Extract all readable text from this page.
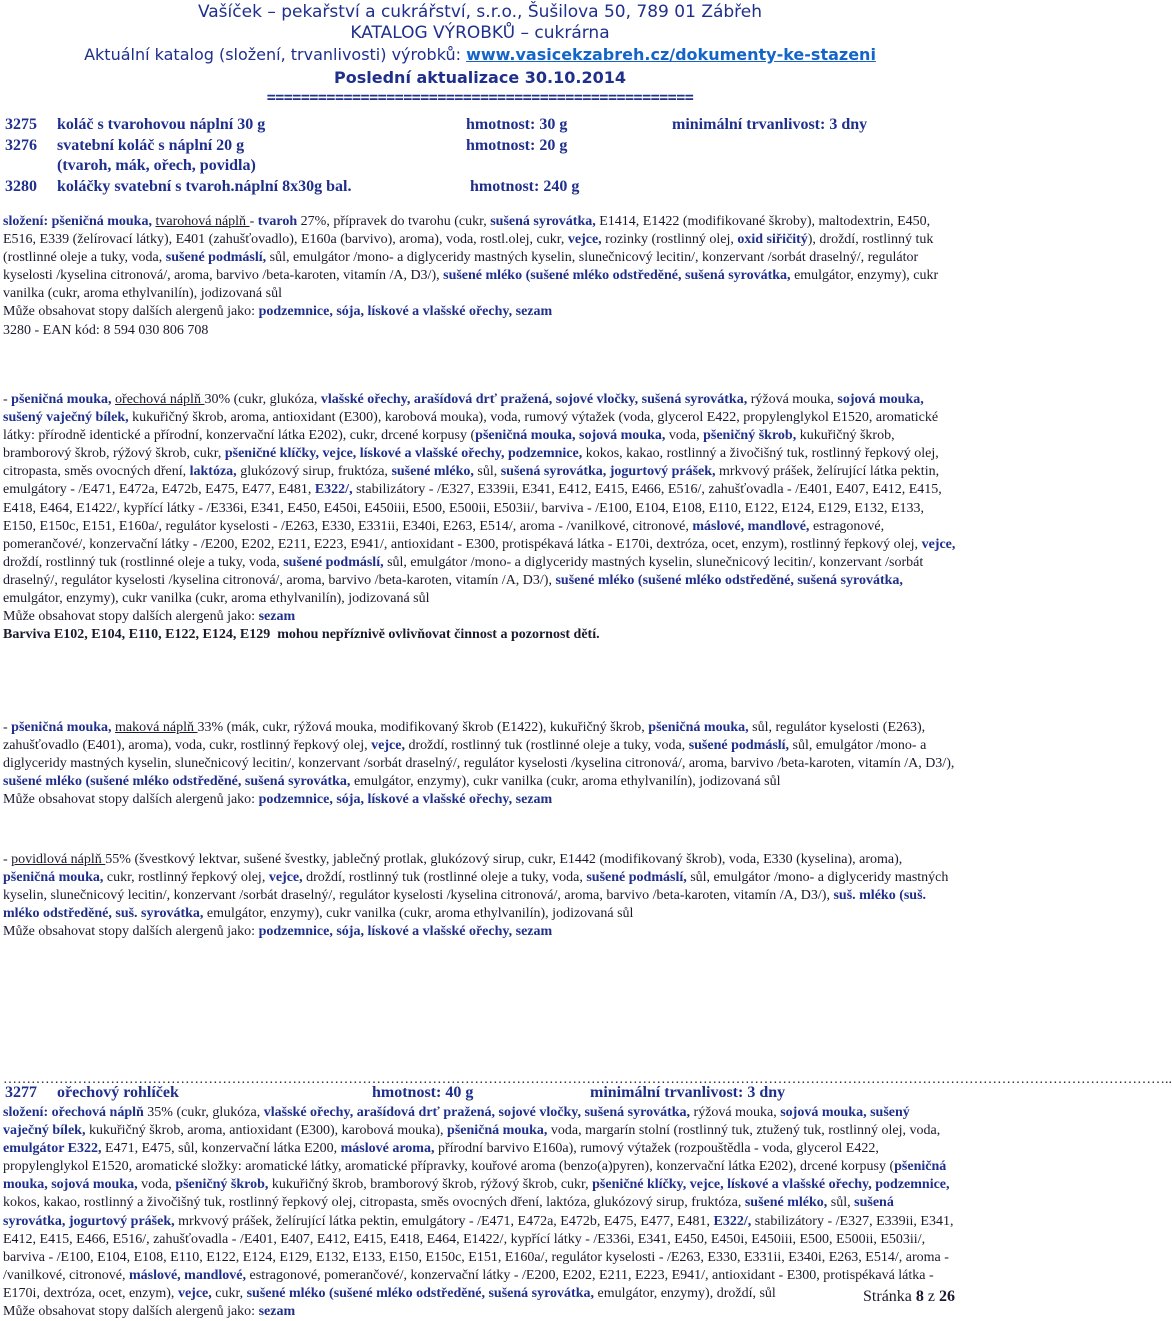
Vašíček – pekařství a cukrářství, s.r.o., Šušilova 50, 789 01 Zábřeh
KATALOG VÝROBKŮ – cukrárna
Aktuální katalog (složení, trvanlivosti) výrobků: www.vasicekzabreh.cz/dokumenty-ke-stazeni
Poslední aktualizace 30.10.2014
==================================================
3275 koláč s tvarohovou náplní 30 g	hmotnost: 30 g	minimální trvanlivost: 3 dny
3276 svatební koláč s náplní 20 g	hmotnost: 20 g
(tvaroh, mák, ořech, povidla)
3280 koláčky svatební s tvaroh.náplní 8x30g bal.	hmotnost: 240 g

složení: pšeničná mouka, tvarohová náplň - tvaroh 27%, přípravek do tvarohu (cukr, sušená syrovátka, E1414, E1422 (modifikované škroby), maltodextrin, E450, E516, E339 (želírovací látky), E401 (zahušťovadlo), E160a (barvivo), aroma), voda, rostl.olej, cukr, vejce, rozinky (rostlinný olej, oxid siřičitý), droždí, rostlinný tuk (rostlinné oleje a tuky, voda, sušené podmáslí, sůl, emulgátor /mono- a diglyceridy mastných kyselin, slunečnicový lecitin/, konzervant /sorbát draselný/, regulátor kyselosti /kyselina citronová/, aroma, barvivo /beta-karoten, vitamín /A, D3/), sušené mléko (sušené mléko odstředěné, sušená syrovátka, emulgátor, enzymy), cukr vanilka (cukr, aroma ethylvanilín), jodizovaná sůl
Může obsahovat stopy dalších alergenů jako: podzemnice, sója, lískové a vlašské ořechy, sezam
3280 - EAN kód: 8 594 030 806 708

- pšeničná mouka, ořechová náplň 30% (cukr, glukóza, vlašské ořechy, arašídová drť pražená, sojové vločky, sušená syrovátka, rýžová mouka, sojová mouka, sušený vaječný bílek, kukuřičný škrob, aroma, antioxidant (E300), karobová mouka), voda, rumový výtažek (voda, glycerol E422, propylenglykol E1520, aromatické látky: přírodně identické a přírodní, konzervační látka E202), cukr, drcené korpusy (pšeničná mouka, sojová mouka, voda, pšeničný škrob, kukuřičný škrob, bramborový škrob, rýžový škrob, cukr, pšeničné klíčky, vejce, lískové a vlašské ořechy, podzemnice, kokos, kakao, rostlinný a živočišný tuk, rostlinný řepkový olej, citropasta, směs ovocných dření, laktóza, glukózový sirup, fruktóza, sušené mléko, sůl, sušená syrovátka, jogurtový prášek, mrkvový prášek, želírující látka pektin, emulgátory - /E471, E472a, E472b, E475, E477, E481, E322/, stabilizátory - /E327, E339ii, E341, E412, E415, E466, E516/, zahušťovadla - /E401, E407, E412, E415, E418, E464, E1422/, kypřící látky - /E336i, E341, E450, E450i, E450iii, E500, E500ii, E503ii/, barviva - /E100, E104, E108, E110, E122, E124, E129, E132, E133, E150, E150c, E151, E160a/, regulátor kyselosti - /E263, E330, E331ii, E340i, E263, E514/, aroma - /vanilkové, citronové, máslové, mandlové, estragonové, pomerančové/, konzervační látky - /E200, E202, E211, E223, E941/, antioxidant - E300, protispékavá látka - E170i, dextróza, ocet, enzym), rostlinný řepkový olej, vejce, droždí, rostlinný tuk (rostlinné oleje a tuky, voda, sušené podmáslí, sůl, emulgátor /mono- a diglyceridy mastných kyselin, slunečnicový lecitin/, konzervant /sorbát draselný/, regulátor kyselosti /kyselina citronová/, aroma, barvivo /beta-karoten, vitamín /A, D3/), sušené mléko (sušené mléko odstředěné, sušená syrovátka, emulgátor, enzymy), cukr vanilka (cukr, aroma ethylvanilín), jodizovaná sůl
Může obsahovat stopy dalších alergenů jako: sezam
Barviva E102, E104, E110, E122, E124, E129  mohou nepříznivě ovlivňovat činnost a pozornost dětí.

- pšeničná mouka, maková náplň 33% (mák, cukr, rýžová mouka, modifikovaný škrob (E1422), kukuřičný škrob, pšeničná mouka, sůl, regulátor kyselosti (E263), zahušťovadlo (E401), aroma), voda, cukr, rostlinný řepkový olej, vejce, droždí, rostlinný tuk (rostlinné oleje a tuky, voda, sušené podmáslí, sůl, emulgátor /mono- a diglyceridy mastných kyselin, slunečnicový lecitin/, konzervant /sorbát draselný/, regulátor kyselosti /kyselina citronová/, aroma, barvivo /beta-karoten, vitamín /A, D3/), sušené mléko (sušené mléko odstředěné, sušená syrovátka, emulgátor, enzymy), cukr vanilka (cukr, aroma ethylvanilín), jodizovaná sůl
Může obsahovat stopy dalších alergenů jako: podzemnice, sója, lískové a vlašské ořechy, sezam

- povidlová náplň 55% (švestkový lektvar, sušené švestky, jablečný protlak, glukózový sirup, cukr, E1442 (modifikovaný škrob), voda, E330 (kyselina), aroma), pšeničná mouka, cukr, rostlinný řepkový olej, vejce, droždí, rostlinný tuk (rostlinné oleje a tuky, voda, sušené podmáslí, sůl, emulgátor /mono- a diglyceridy mastných kyselin, slunečnicový lecitin/, konzervant /sorbát draselný/, regulátor kyselosti /kyselina citronová/, aroma, barvivo /beta-karoten, vitamín /A, D3/), suš. mléko (suš. mléko odstředěné, suš. syrovátka, emulgátor, enzymy), cukr vanilka (cukr, aroma ethylvanilín), jodizovaná sůl
Může obsahovat stopy dalších alergenů jako: podzemnice, sója, lískové a vlašské ořechy, sezam

……………………………………………………………………………………………………………………………………………………………………………………………………………………………..
3277 ořechový rohlíček	hmotnost: 40 g	minimální trvanlivost: 3 dny

složení: ořechová náplň 35% (cukr, glukóza, vlašské ořechy, arašídová drť pražená, sojové vločky, sušená syrovátka, rýžová mouka, sojová mouka, sušený vaječný bílek, kukuřičný škrob, aroma, antioxidant (E300), karobová mouka), pšeničná mouka, voda, margarín stolní (rostlinný tuk, ztužený tuk, rostlinný olej, voda, emulgátor E322, E471, E475, sůl, konzervační látka E200, máslové aroma, přírodní barvivo E160a), rumový výtažek (rozpouštědla - voda, glycerol E422, propylenglykol E1520, aromatické složky: aromatické látky, aromatické přípravky, kouřové aroma (benzo(a)pyren), konzervační látka E202), drcené korpusy (pšeničná mouka, sojová mouka, voda, pšeničný škrob, kukuřičný škrob, bramborový škrob, rýžový škrob, cukr, pšeničné klíčky, vejce, lískové a vlašské ořechy, podzemnice, kokos, kakao, rostlinný a živočišný tuk, rostlinný řepkový olej, citropasta, směs ovocných dření, laktóza, glukózový sirup, fruktóza, sušené mléko, sůl, sušená syrovátka, jogurtový prášek, mrkvový prášek, želírující látka pektin, emulgátory - /E471, E472a, E472b, E475, E477, E481, E322/, stabilizátory - /E327, E339ii, E341, E412, E415, E466, E516/, zahušťovadla - /E401, E407, E412, E415, E418, E464, E1422/, kypřící látky - /E336i, E341, E450, E450i, E450iii, E500, E500ii, E503ii/, barviva - /E100, E104, E108, E110, E122, E124, E129, E132, E133, E150, E150c, E151, E160a/, regulátor kyselosti - /E263, E330, E331ii, E340i, E263, E514/, aroma - /vanilkové, citronové, máslové, mandlové, estragonové, pomerančové/, konzervační látky - /E200, E202, E211, E223, E941/, antioxidant - E300, protispékavá látka - E170i, dextróza, ocet, enzym), vejce, cukr, sušené mléko (sušené mléko odstředěné, sušená syrovátka, emulgátor, enzymy), droždí, sůl
Může obsahovat stopy dalších alergenů jako: sezam

Stránka 8 z 26
